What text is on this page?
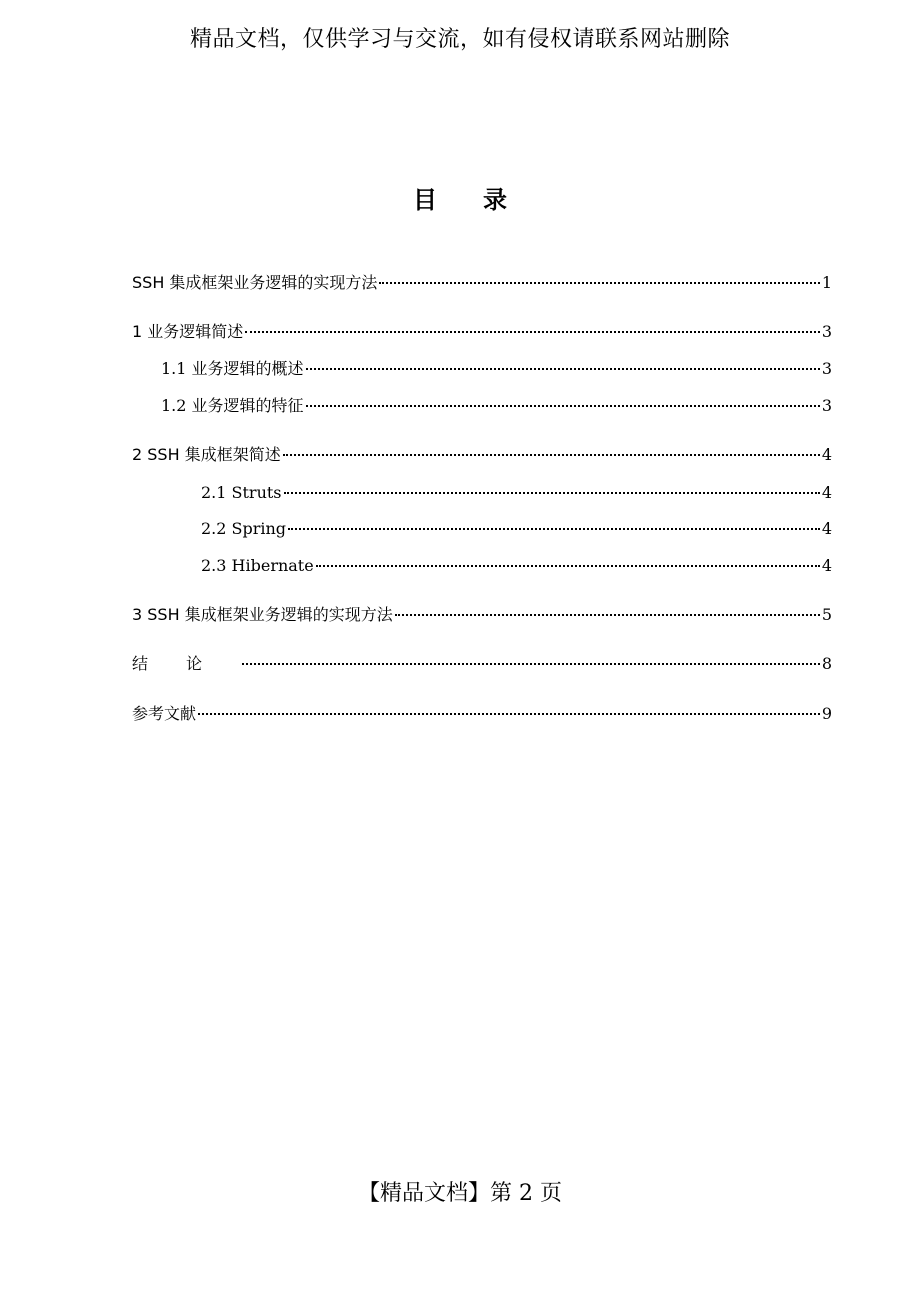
精品文档，仅供学习与交流，如有侵权请联系网站删除
目录
SSH 集成框架业务逻辑的实现方法	1
1 业务逻辑简述	3
1.1 业务逻辑的概述	3
1.2 业务逻辑的特征	3
2 SSH 集成框架简述	4
2.1 Struts	4
2.2 Spring	4
2.3 Hibernate	4
3 SSH 集成框架业务逻辑的实现方法	5
结论	8
参考文献	9
【精品文档】第 2 页
